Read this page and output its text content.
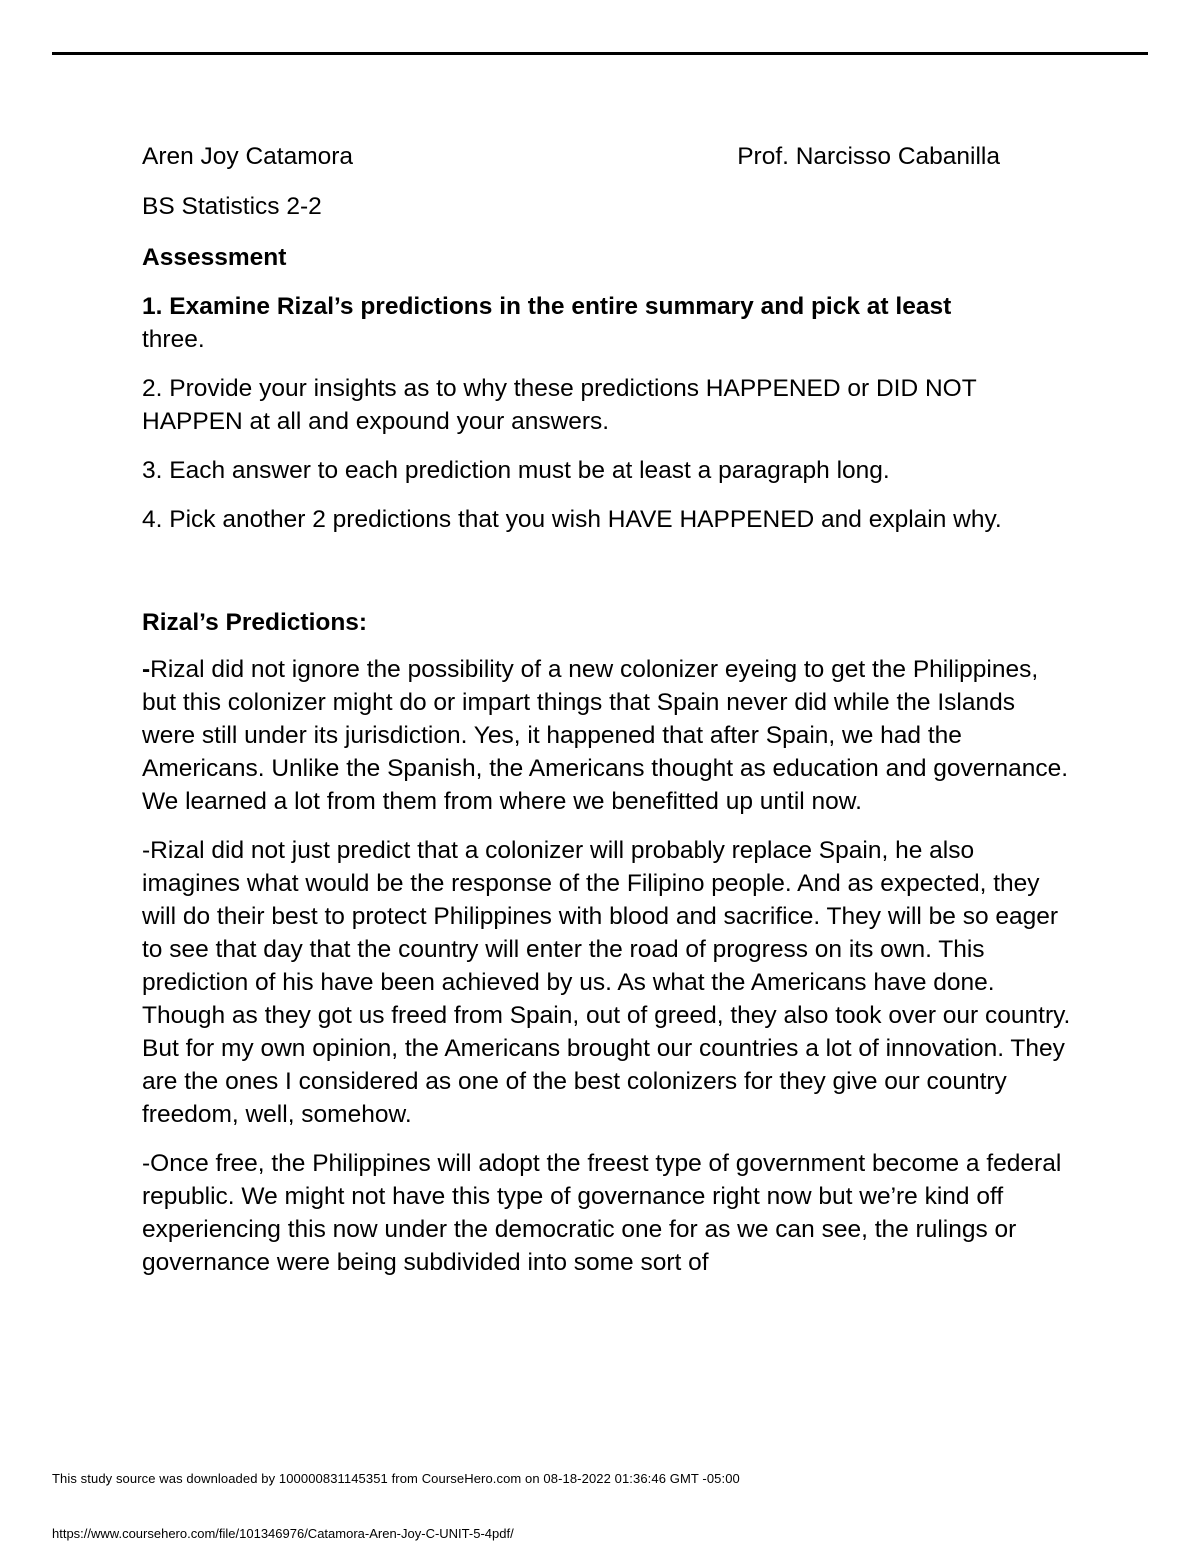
Aren Joy Catamora	Prof. Narcisso Cabanilla

BS Statistics 2-2

Assessment

1. Examine Rizal’s predictions in the entire summary and pick at least
three.

2. Provide your insights as to why these predictions HAPPENED or DID NOT HAPPEN at all and expound your answers.

3. Each answer to each prediction must be at least a paragraph long.

4. Pick another 2 predictions that you wish HAVE HAPPENED and explain why.

Rizal’s Predictions:

-Rizal did not ignore the possibility of a new colonizer eyeing to get the Philippines, but this colonizer might do or impart things that Spain never did while the Islands were still under its jurisdiction. Yes, it happened that after Spain, we had the Americans. Unlike the Spanish, the Americans thought as education and governance. We learned a lot from them from where we benefitted up until now.

-Rizal did not just predict that a colonizer will probably replace Spain, he also imagines what would be the response of the Filipino people. And as expected, they will do their best to protect Philippines with blood and sacrifice. They will be so eager to see that day that the country will enter the road of progress on its own. This prediction of his have been achieved by us. As what the Americans have done. Though as they got us freed from Spain, out of greed, they also took over our country. But for my own opinion, the Americans brought our countries a lot of innovation. They are the ones I considered as one of the best colonizers for they give our country freedom, well, somehow.

-Once free, the Philippines will adopt the freest type of government become a federal republic. We might not have this type of governance right now but we’re kind off experiencing this now under the democratic one for as we can see, the rulings or governance were being subdivided into some sort of

This study source was downloaded by 100000831145351 from CourseHero.com on 08-18-2022 01:36:46 GMT -05:00
https://www.coursehero.com/file/101346976/Catamora-Aren-Joy-C-UNIT-5-4pdf/
